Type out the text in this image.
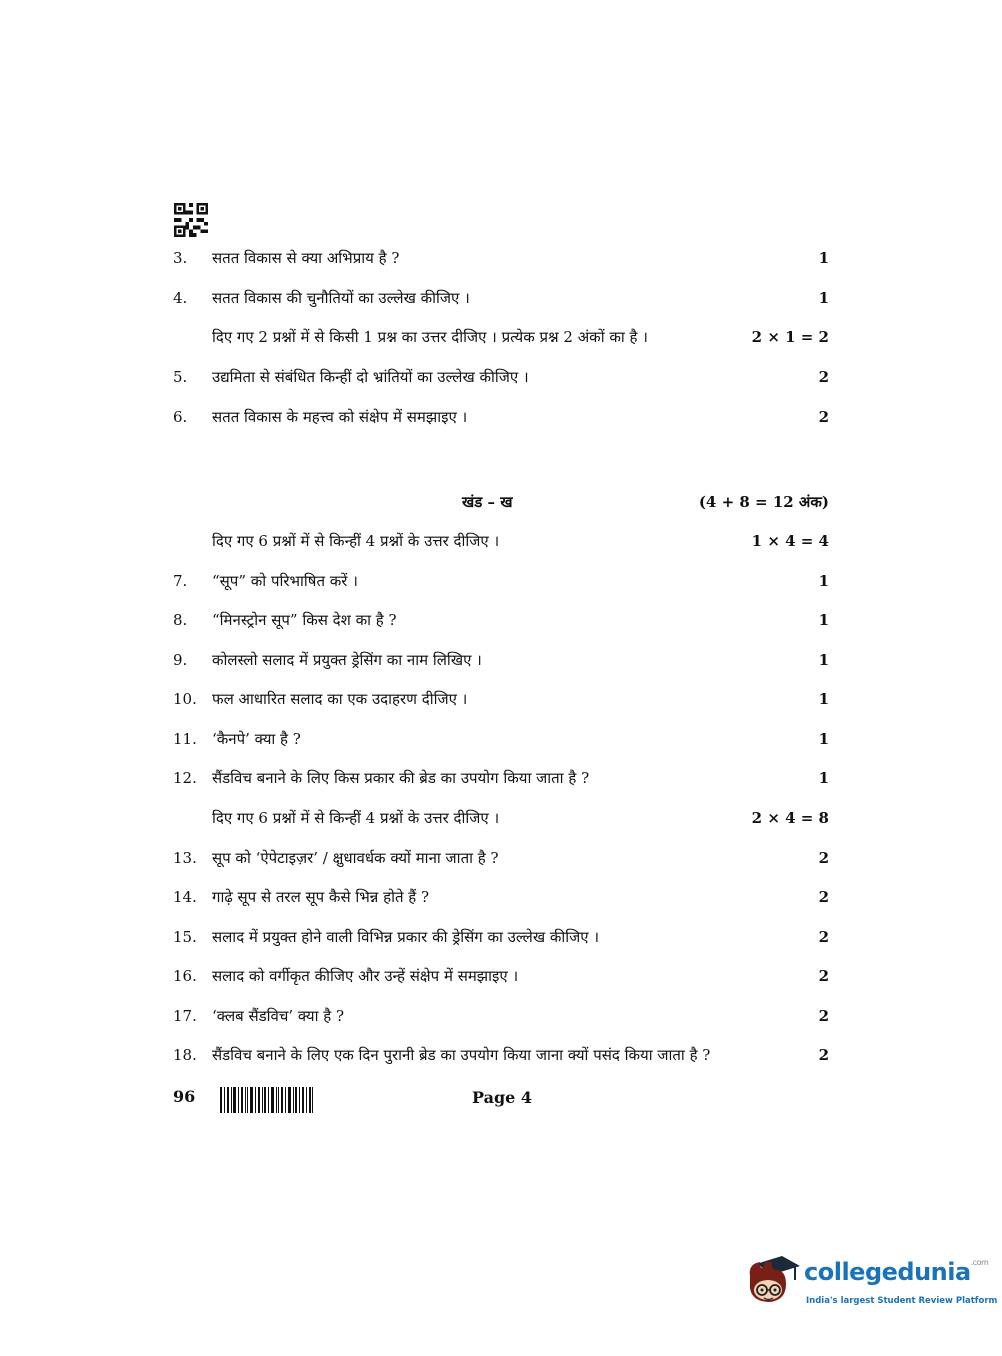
3. सतत विकास से क्या अभिप्राय है ?	1
4. सतत विकास की चुनौतियों का उल्लेख कीजिए ।	1
दिए गए 2 प्रश्नों में से किसी 1 प्रश्न का उत्तर दीजिए । प्रत्येक प्रश्न 2 अंकों का है ।	2 × 1 = 2
5. उद्यमिता से संबंधित किन्हीं दो भ्रांतियों का उल्लेख कीजिए ।	2
6. सतत विकास के महत्त्व को संक्षेप में समझाइए ।	2
खंड – ख	(4 + 8 = 12 अंक)
दिए गए 6 प्रश्नों में से किन्हीं 4 प्रश्नों के उत्तर दीजिए ।	1 × 4 = 4
7. “सूप” को परिभाषित करें ।	1
8. “मिनस्ट्रोन सूप” किस देश का है ?	1
9. कोलस्लो सलाद में प्रयुक्त ड्रेसिंग का नाम लिखिए ।	1
10. फल आधारित सलाद का एक उदाहरण दीजिए ।	1
11. ‘कैनपे’ क्या है ?	1
12. सैंडविच बनाने के लिए किस प्रकार की ब्रेड का उपयोग किया जाता है ?	1
दिए गए 6 प्रश्नों में से किन्हीं 4 प्रश्नों के उत्तर दीजिए ।	2 × 4 = 8
13. सूप को ‘ऐपेटाइज़र’ / क्षुधावर्धक क्यों माना जाता है ?	2
14. गाढ़े सूप से तरल सूप कैसे भिन्न होते हैं ?	2
15. सलाद में प्रयुक्त होने वाली विभिन्न प्रकार की ड्रेसिंग का उल्लेख कीजिए ।	2
16. सलाद को वर्गीकृत कीजिए और उन्हें संक्षेप में समझाइए ।	2
17. ‘क्लब सैंडविच’ क्या है ?	2
18. सैंडविच बनाने के लिए एक दिन पुरानी ब्रेड का उपयोग किया जाना क्यों पसंद किया जाता है ?	2
96	Page 4
collegedunia$^{.com}$
India's largest Student Review Platform
